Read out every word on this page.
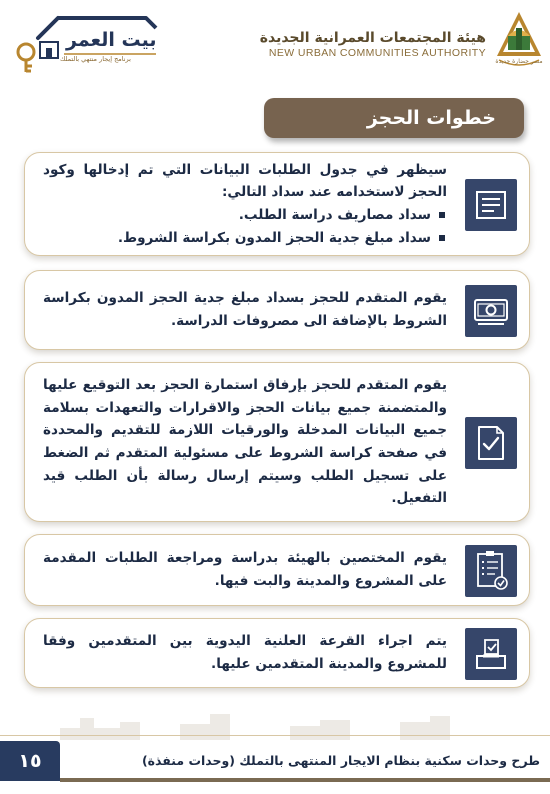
مصر حضارة جديدة
هيئة المجتمعات العمرانية الجديدة
NEW URBAN COMMUNITIES AUTHORITY
بيت العمر
برنامج إيجار منتهي بالتملك
خطوات الحجز

سيظهر في جدول الطلبات البيانات التي تم إدخالها وكود الحجز لاستخدامه عند سداد التالي:

سداد مصاريف دراسة الطلب.
سداد مبلغ جدية الحجز المدون بكراسة الشروط.
يقوم المتقدم للحجز بسداد مبلغ جدية الحجز المدون بكراسة الشروط بالإضافة الى مصروفات الدراسة.
يقوم المتقدم للحجز بإرفاق استمارة الحجز بعد التوقيع عليها والمتضمنة جميع بيانات الحجز والاقرارات والتعهدات بسلامة جميع البيانات المدخلة والورقيات اللازمة للتقديم والمحددة في صفحة كراسة الشروط على مسئولية المتقدم ثم الضغط على تسجيل الطلب وسيتم إرسال رسالة بأن الطلب قيد التفعيل.
يقوم المختصين بالهيئة بدراسة ومراجعة الطلبات المقدمة على المشروع والمدينة والبت فيها.
يتم اجراء القرعة العلنية اليدوية بين المتقدمين وفقا للمشروع والمدينة المتقدمين عليها.
١٥	طرح وحدات سكنية بنظام الايجار المنتهى بالتملك (وحدات منفذة)
